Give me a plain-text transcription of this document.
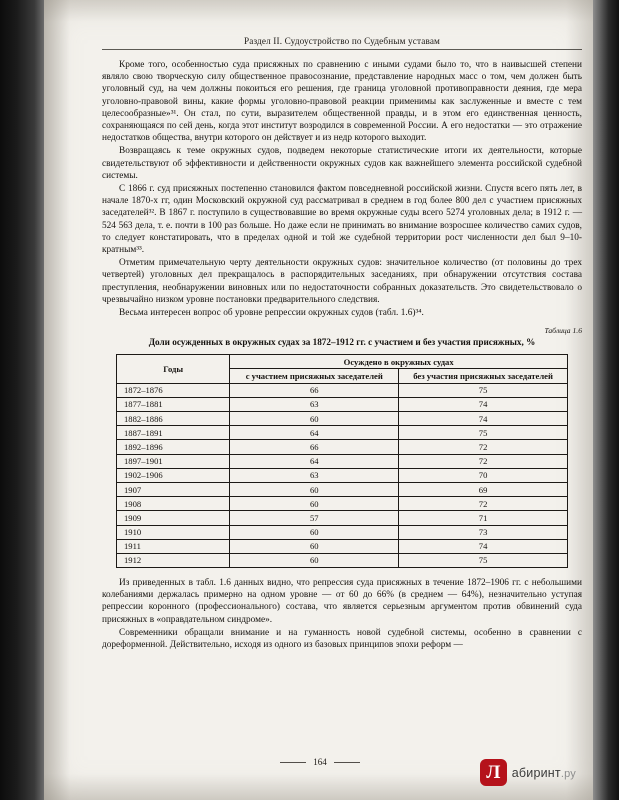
Раздел II. Судоустройство по Судебным уставам

Кроме того, особенностью суда присяжных по сравнению с иными судами было то, что в наивысшей степени являло свою творческую силу общественное правосознание, представление народных масс о том, чем должен быть уголовный суд, на чем должны покоиться его решения, где граница уголовной противоправности деяния, где мера уголовно-правовой вины, какие формы уголовно-правовой реакции применимы как заслуженные и вместе с тем целесообразные»³¹. Он стал, по сути, выразителем общественной правды, и в этом его единственная ценность, сохраняющаяся по сей день, когда этот институт возродился в современной России. А его недостатки — это отражение недостатков общества, внутри которого он действует и из недр которого выходит.

Возвращаясь к теме окружных судов, подведем некоторые статистические итоги их деятельности, которые свидетельствуют об эффективности и действенности окружных судов как важнейшего элемента российской судебной системы.

С 1866 г. суд присяжных постепенно становился фактом повседневной российской жизни. Спустя всего пять лет, в начале 1870-х гг, один Московский окружной суд рассматривал в среднем в год более 800 дел с участием присяжных заседателей³². В 1867 г. поступило в существовавшие во время окружные суды всего 5274 уголовных дела; в 1912 г. — 524 563 дела, т. е. почти в 100 раз больше. Но даже если не принимать во внимание возросшее количество самих судов, то следует констатировать, что в пределах одной и той же судебной территории рост численности дел был 9–10-кратным³³.

Отметим примечательную черту деятельности окружных судов: значительное количество (от половины до трех четвертей) уголовных дел прекращалось в распорядительных заседаниях, при обнаружении отсутствия состава преступления, необнаружении виновных или по недостаточности собранных доказательств. Это свидетельствовало о чрезвычайно низком уровне постановки предварительного следствия.

Весьма интересен вопрос об уровне репрессии окружных судов (табл. 1.6)³⁴.

Таблица 1.6
Доли осужденных в окружных судах за 1872–1912 гг. с участием и без участия присяжных, %
Годы	Осуждено в окружных судах	
	с участием присяжных заседателей	без участия присяжных заседателей
1872–1876	66	75
1877–1881	63	74
1882–1886	60	74
1887–1891	64	75
1892–1896	66	72
1897–1901	64	72
1902–1906	63	70
1907	60	69
1908	60	72
1909	57	71
1910	60	73
1911	60	74
1912	60	75

Из приведенных в табл. 1.6 данных видно, что репрессия суда присяжных в течение 1872–1906 гг. с небольшими колебаниями держалась примерно на одном уровне — от 60 до 66% (в среднем — 64%), незначительно уступая репрессии коронного (профессионального) состава, что является серьезным аргументом против обвинений суда присяжных в «оправдательном синдроме».

Современники обращали внимание и на гуманность новой судебной системы, особенно в сравнении с дореформенной. Действительно, исходя из одного из базовых принципов эпохи реформ —

164	Л абиринт.ру
